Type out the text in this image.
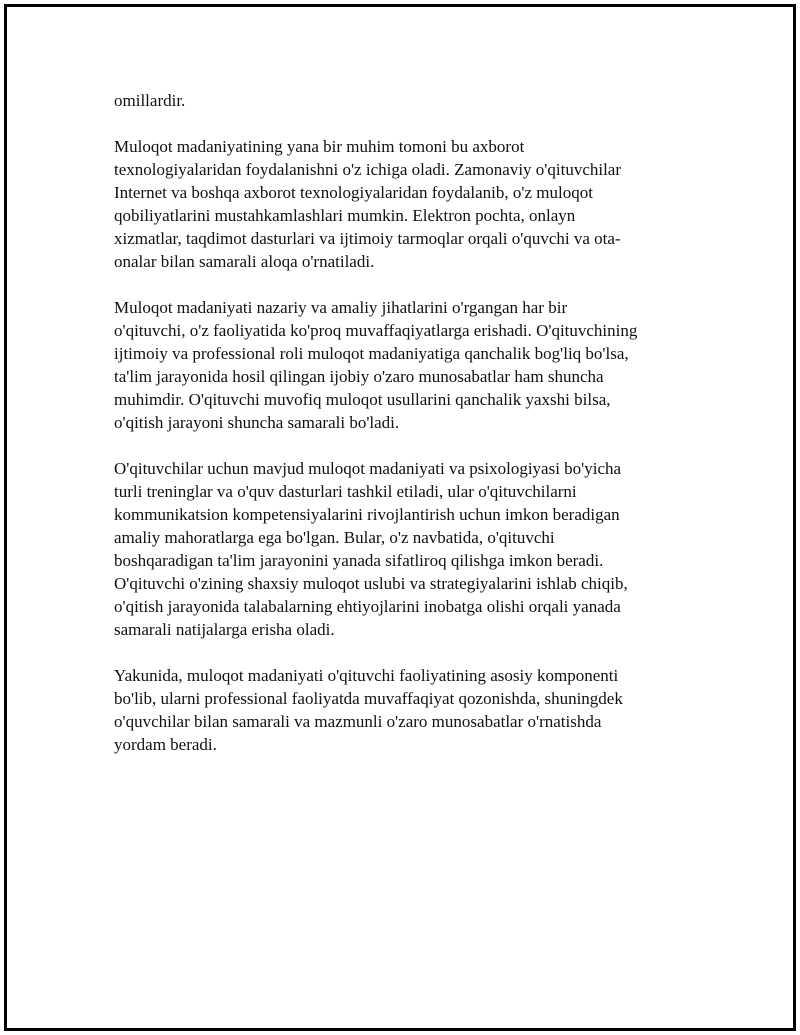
omillardir.
Muloqot madaniyatining yana bir muhim tomoni bu axborot
texnologiyalaridan foydalanishni o'z ichiga oladi. Zamonaviy o'qituvchilar
Internet va boshqa axborot texnologiyalaridan foydalanib, o'z muloqot
qobiliyatlarini mustahkamlashlari mumkin. Elektron pochta, onlayn
xizmatlar, taqdimot dasturlari va ijtimoiy tarmoqlar orqali o'quvchi va ota-
onalar bilan samarali aloqa o'rnatiladi.
Muloqot madaniyati nazariy va amaliy jihatlarini o'rgangan har bir
o'qituvchi, o'z faoliyatida ko'proq muvaffaqiyatlarga erishadi. O'qituvchining
ijtimoiy va professional roli muloqot madaniyatiga qanchalik bog'liq bo'lsa,
ta'lim jarayonida hosil qilingan ijobiy o'zaro munosabatlar ham shuncha
muhimdir. O'qituvchi muvofiq muloqot usullarini qanchalik yaxshi bilsa,
o'qitish jarayoni shuncha samarali bo'ladi.
O'qituvchilar uchun mavjud muloqot madaniyati va psixologiyasi bo'yicha
turli treninglar va o'quv dasturlari tashkil etiladi, ular o'qituvchilarni
kommunikatsion kompetensiyalarini rivojlantirish uchun imkon beradigan
amaliy mahoratlarga ega bo'lgan. Bular, o'z navbatida, o'qituvchi
boshqaradigan ta'lim jarayonini yanada sifatliroq qilishga imkon beradi.
O'qituvchi o'zining shaxsiy muloqot uslubi va strategiyalarini ishlab chiqib,
o'qitish jarayonida talabalarning ehtiyojlarini inobatga olishi orqali yanada
samarali natijalarga erisha oladi.
Yakunida, muloqot madaniyati o'qituvchi faoliyatining asosiy komponenti
bo'lib, ularni professional faoliyatda muvaffaqiyat qozonishda, shuningdek
o'quvchilar bilan samarali va mazmunli o'zaro munosabatlar o'rnatishda
yordam beradi.
